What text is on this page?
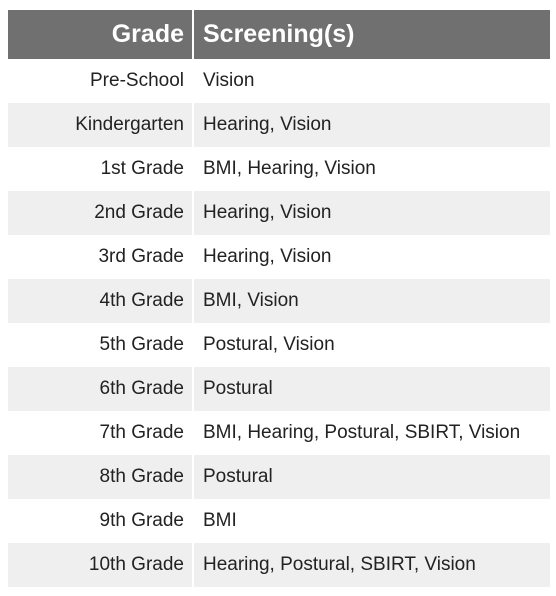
Grade	Screening(s)
Pre-School	Vision
Kindergarten	Hearing, Vision
1st Grade	BMI, Hearing, Vision
2nd Grade	Hearing, Vision
3rd Grade	Hearing, Vision
4th Grade	BMI, Vision
5th Grade	Postural, Vision
6th Grade	Postural
7th Grade	BMI, Hearing, Postural, SBIRT, Vision
8th Grade	Postural
9th Grade	BMI
10th Grade	Hearing, Postural, SBIRT, Vision
